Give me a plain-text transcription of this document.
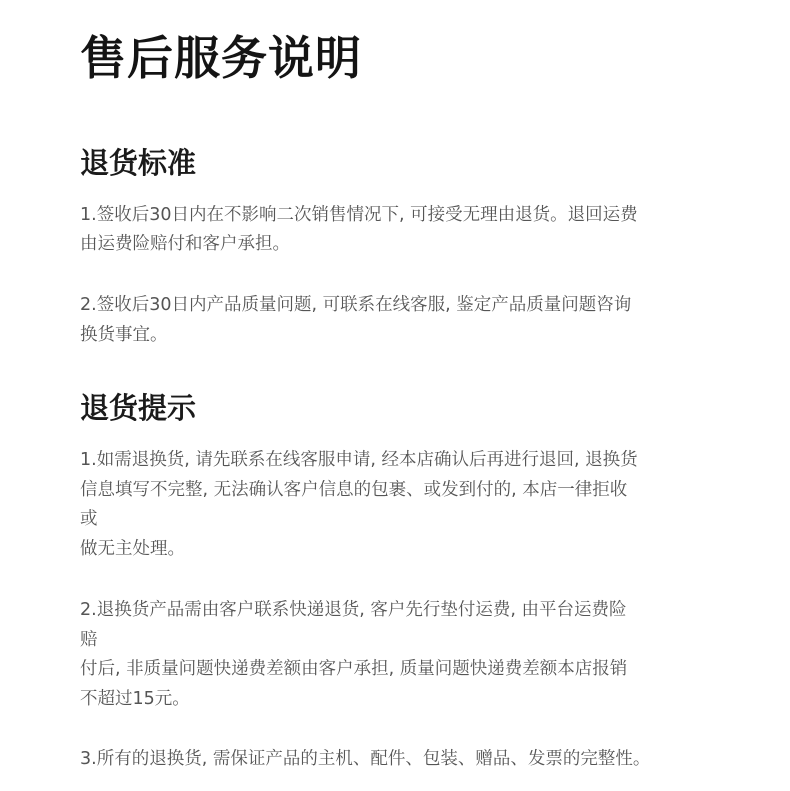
售后服务说明
退货标准

1.签收后30日内在不影响二次销售情况下, 可接受无理由退货。退回运费

由运费险赔付和客户承担。

2.签收后30日内产品质量问题, 可联系在线客服, 鉴定产品质量问题咨询

换货事宜。

退货提示

1.如需退换货, 请先联系在线客服申请, 经本店确认后再进行退回, 退换货

信息填写不完整, 无法确认客户信息的包裹、或发到付的, 本店一律拒收

或

做无主处理。

2.退换货产品需由客户联系快递退货, 客户先行垫付运费, 由平台运费险

赔

付后, 非质量问题快递费差额由客户承担, 质量问题快递费差额本店报销

不超过15元。

3.所有的退换货, 需保证产品的主机、配件、包装、赠品、发票的完整性。
